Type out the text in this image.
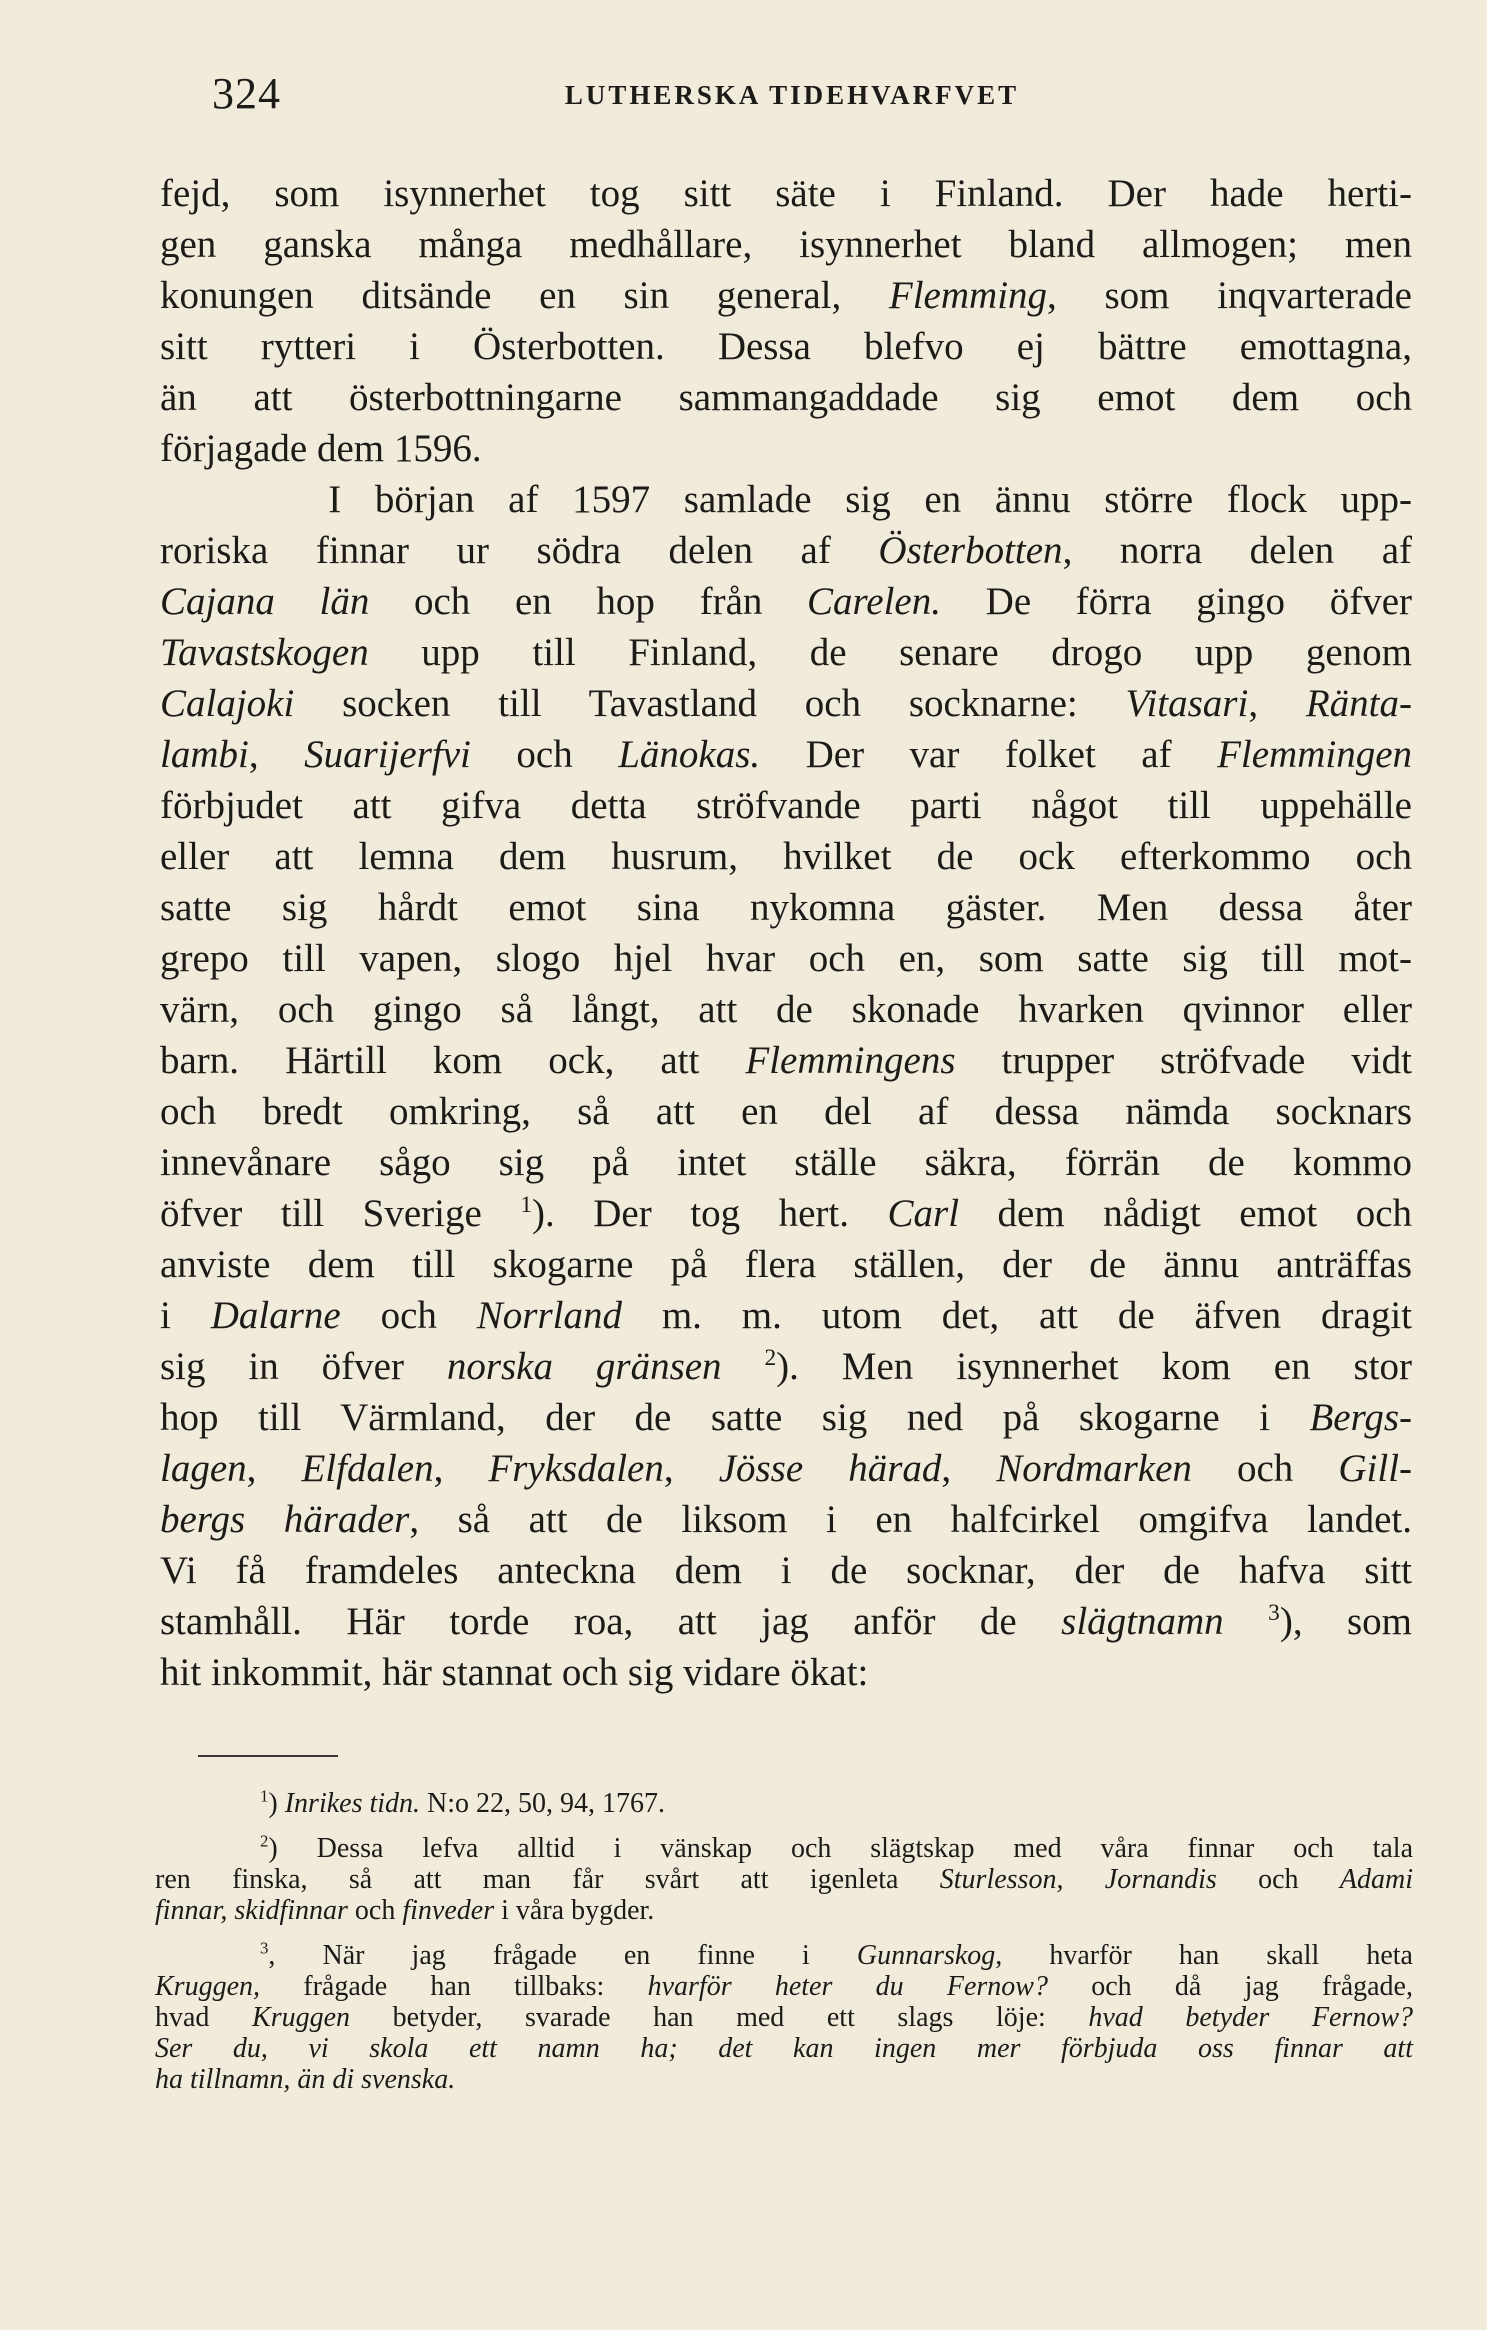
324	LUTHERSKA TIDEHVARFVET
fejd, som isynnerhet tog sitt säte i Finland. Der hade herti-
gen ganska många medhållare, isynnerhet bland allmogen; men
konungen ditsände en sin general, Flemming, som inqvarterade
sitt rytteri i Österbotten. Dessa blefvo ej bättre emottagna,
än att österbottningarne sammangaddade sig emot dem och
förjagade dem 1596.
I början af 1597 samlade sig en ännu större flock upp-
roriska finnar ur södra delen af Österbotten, norra delen af
Cajana län och en hop från Carelen. De förra gingo öfver
Tavastskogen upp till Finland, de senare drogo upp genom
Calajoki socken till Tavastland och socknarne: Vitasari, Ränta-
lambi, Suarijerfvi och Länokas. Der var folket af Flemmingen
förbjudet att gifva detta ströfvande parti något till uppehälle
eller att lemna dem husrum, hvilket de ock efterkommo och
satte sig hårdt emot sina nykomna gäster. Men dessa åter
grepo till vapen, slogo hjel hvar och en, som satte sig till mot-
värn, och gingo så långt, att de skonade hvarken qvinnor eller
barn. Härtill kom ock, att Flemmingens trupper ströfvade vidt
och bredt omkring, så att en del af dessa nämda socknars
innevånare sågo sig på intet ställe säkra, förrän de kommo
öfver till Sverige $^1$). Der tog hert. Carl dem nådigt emot och
anviste dem till skogarne på flera ställen, der de ännu anträffas
i Dalarne och Norrland m. m. utom det, att de äfven dragit
sig in öfver norska gränsen $^2$). Men isynnerhet kom en stor
hop till Värmland, der de satte sig ned på skogarne i Bergs-
lagen, Elfdalen, Fryksdalen, Jösse härad, Nordmarken och Gill-
bergs härader, så att de liksom i en halfcirkel omgifva landet.
Vi få framdeles anteckna dem i de socknar, der de hafva sitt
stamhåll. Här torde roa, att jag anför de slägtnamn $^3$), som
hit inkommit, här stannat och sig vidare ökat:
$^1$) Inrikes tidn. N:o 22, 50, 94, 1767.
$^2$) Dessa lefva alltid i vänskap och slägtskap med våra finnar och tala
ren finska, så att man får svårt att igenleta Sturlesson, Jornandis och Adami
finnar, skidfinnar och finveder i våra bygder.
$^3$, När jag frågade en finne i Gunnarskog, hvarför han skall heta
Kruggen, frågade han tillbaks: hvarför heter du Fernow? och då jag frågade,
hvad Kruggen betyder, svarade han med ett slags löje: hvad betyder Fernow?
Ser du, vi skola ett namn ha; det kan ingen mer förbjuda oss finnar att
ha tillnamn, än di svenska.
